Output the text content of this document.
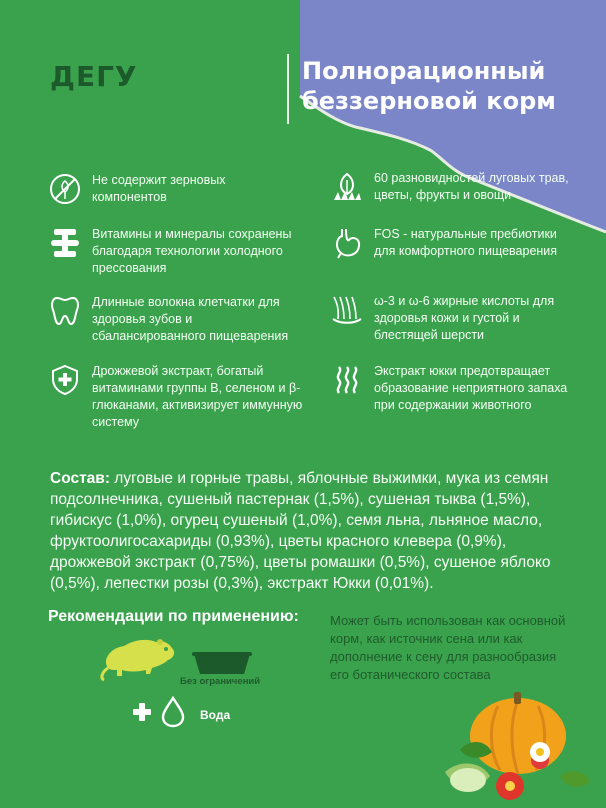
ДЕГУ	Полнорационный
беззерновой корм
Не содержит зерновых компонентов
60 разновидностей луговых трав, цветы, фрукты и овощи
Витамины и минералы сохранены благодаря технологии холодного прессования
FOS - натуральные пребиотики для комфортного пищеварения
Длинные волокна клетчатки для здоровья зубов и сбалансированного пищеварения
ω-3 и ω-6 жирные кислоты для здоровья кожи и густой и блестящей шерсти
Дрожжевой экстракт, богатый витаминами группы B, селеном и β-глюканами, активизирует иммунную систему
Экстракт юкки предотвращает образование неприятного запаха при содержании животного
Состав: луговые и горные травы, яблочные выжимки, мука из семян подсолнечника, сушеный пастернак (1,5%), сушеная тыква (1,5%), гибискус (1,0%), огурец сушеный (1,0%), семя льна, льняное масло, фруктоолигосахариды (0,93%), цветы красного клевера (0,9%), дрожжевой экстракт (0,75%), цветы ромашки (0,5%), сушеное яблоко (0,5%), лепестки розы (0,3%), экстракт Юкки (0,01%).
Рекомендации по применению:
Без ограничений
Вода
Может быть использован как основной корм, как источник сена или как дополнение к сену для разнообразия его ботанического состава
